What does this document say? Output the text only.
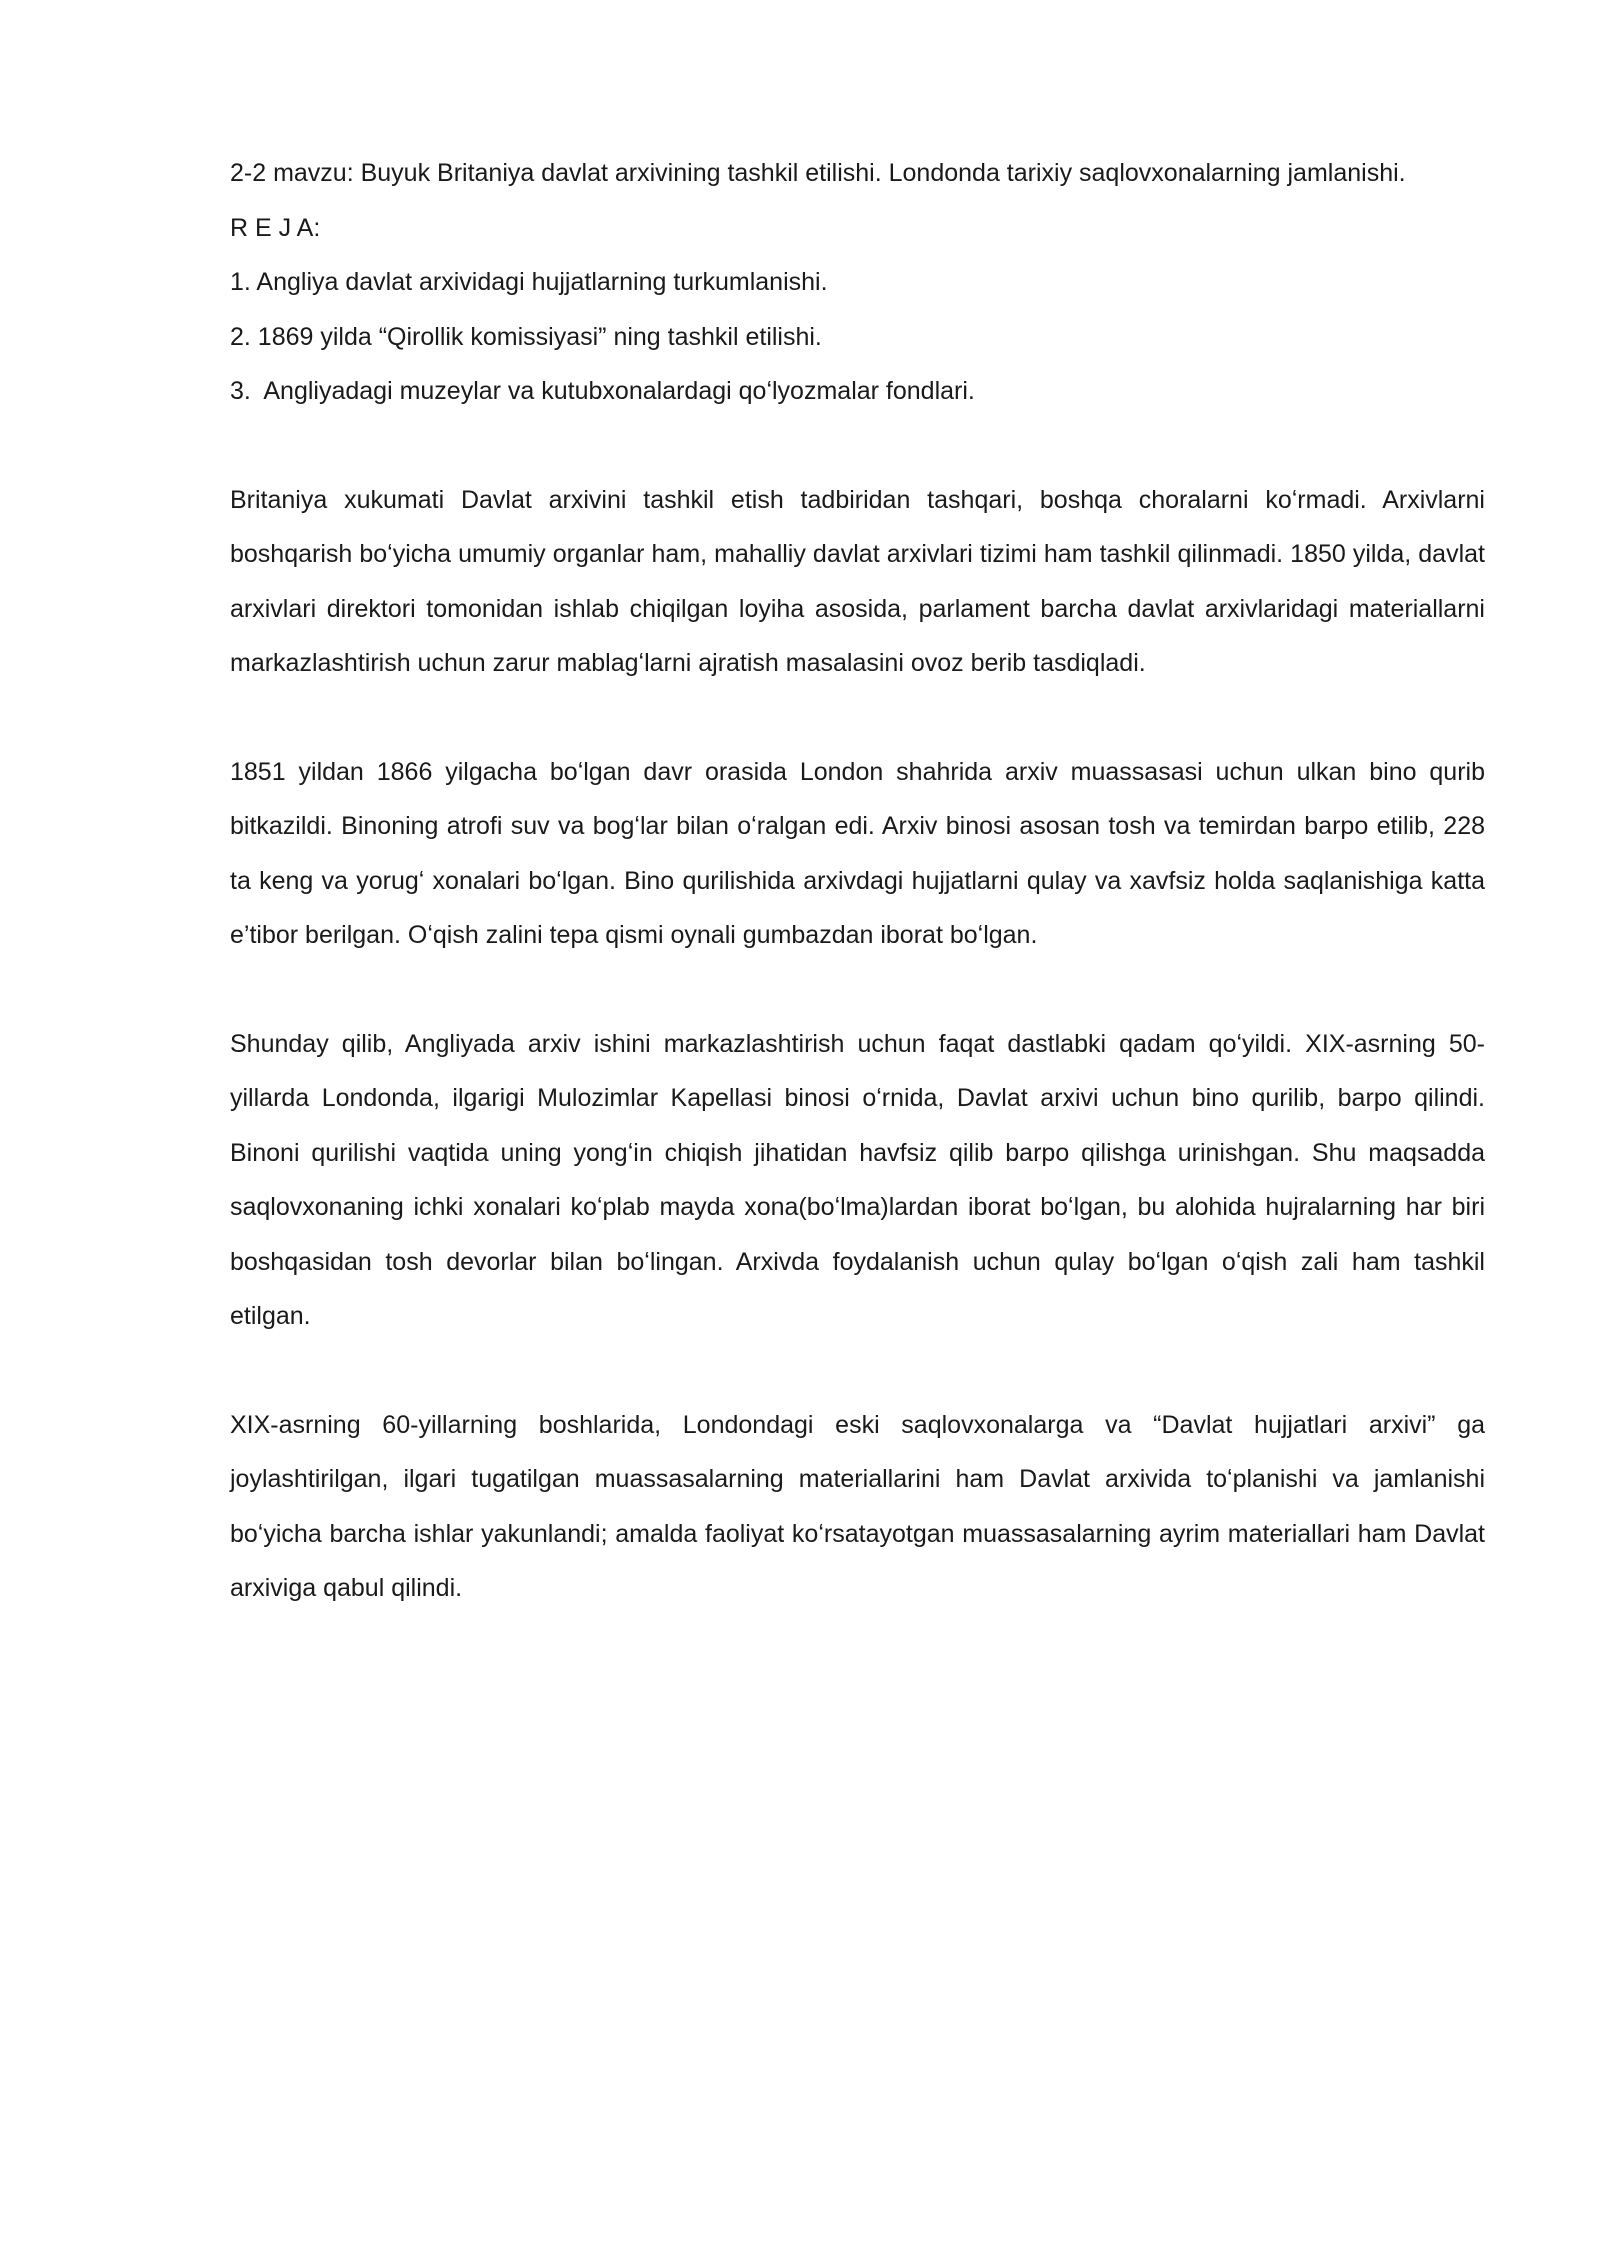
2-2 mavzu: Buyuk Britaniya davlat arxivining tashkil etilishi. Londonda tarixiy saqlovxonalarning jamlanishi.

R E J A:

1. Angliya davlat arxividagi hujjatlarning turkumlanishi.

2. 1869 yilda “Qirollik komissiyasi” ning tashkil etilishi.

3.  Angliyadagi muzeylar va kutubxonalardagi qoʻlyozmalar fondlari.

Britaniya xukumati Davlat arxivini tashkil etish tadbiridan tashqari, boshqa choralarni koʻrmadi. Arxivlarni boshqarish boʻyicha umumiy organlar ham, mahalliy davlat arxivlari tizimi ham tashkil qilinmadi. 1850 yilda, davlat arxivlari direktori tomonidan ishlab chiqilgan loyiha asosida, parlament barcha davlat arxivlaridagi materiallarni markazlashtirish uchun zarur mablagʻlarni ajratish masalasini ovoz berib tasdiqladi.

1851 yildan 1866 yilgacha boʻlgan davr orasida London shahrida arxiv muassasasi uchun ulkan bino qurib bitkazildi. Binoning atrofi suv va bogʻlar bilan oʻralgan edi. Arxiv binosi asosan tosh va temirdan barpo etilib, 228 ta keng va yorugʻ xonalari boʻlgan. Bino qurilishida arxivdagi hujjatlarni qulay va xavfsiz holda saqlanishiga katta e’tibor berilgan. Oʻqish zalini tepa qismi oynali gumbazdan iborat boʻlgan.

Shunday qilib, Angliyada arxiv ishini markazlashtirish uchun faqat dastlabki qadam qoʻyildi. XIX-asrning 50-yillarda Londonda, ilgarigi Mulozimlar Kapellasi binosi oʻrnida, Davlat arxivi uchun bino qurilib, barpo qilindi. Binoni qurilishi vaqtida uning yongʻin chiqish jihatidan havfsiz qilib barpo qilishga urinishgan. Shu maqsadda saqlovxonaning ichki xonalari koʻplab mayda xona(boʻlma)lardan iborat boʻlgan, bu alohida hujralarning har biri boshqasidan tosh devorlar bilan boʻlingan. Arxivda foydalanish uchun qulay boʻlgan oʻqish zali ham tashkil etilgan.

XIX-asrning 60-yillarning boshlarida, Londondagi eski saqlovxonalarga va “Davlat hujjatlari arxivi” ga joylashtirilgan, ilgari tugatilgan muassasalarning materiallarini ham Davlat arxivida toʻplanishi va jamlanishi boʻyicha barcha ishlar yakunlandi; amalda faoliyat koʻrsatayotgan muassasalarning ayrim materiallari ham Davlat arxiviga qabul qilindi.
